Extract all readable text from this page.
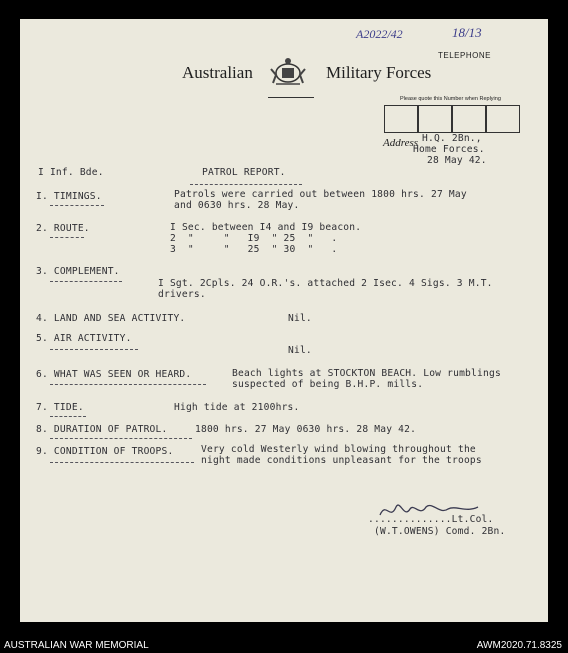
A2022/42	18/13
TELEPHONE
Australian	Military Forces
Please quote this Number when Replying

Address H.Q. 2Bn.,
Home Forces.
28 May 42.
I Inf. Bde.	PATROL REPORT.
I. TIMINGS.	Patrols were carried out between 1800 hrs. 27 May
and 0630 hrs. 28 May.
2. ROUTE.	I Sec. between I4 and I9 beacon.
2  "     "   I9  " 25  "   .
3  "     "   25  " 30  "   .
3. COMPLEMENT.
I Sgt. 2Cpls. 24 O.R.'s. attached 2 Isec. 4 Sigs. 3 M.T.
drivers.
4. LAND AND SEA ACTIVITY.	Nil.
5. AIR ACTIVITY.
Nil.
6. WHAT WAS SEEN OR HEARD.	Beach lights at STOCKTON BEACH. Low rumblings
suspected of being B.H.P. mills.
7. TIDE.	High tide at 2100hrs.
8. DURATION OF PATROL.	1800 hrs. 27 May 0630 hrs. 28 May 42.
9. CONDITION OF TROOPS.	Very cold Westerly wind blowing throughout the
night made conditions unpleasant for the troops
..............Lt.Col.
(W.T.OWENS) Comd. 2Bn.
AUSTRALIAN WAR MEMORIAL	AWM2020.71.8325
